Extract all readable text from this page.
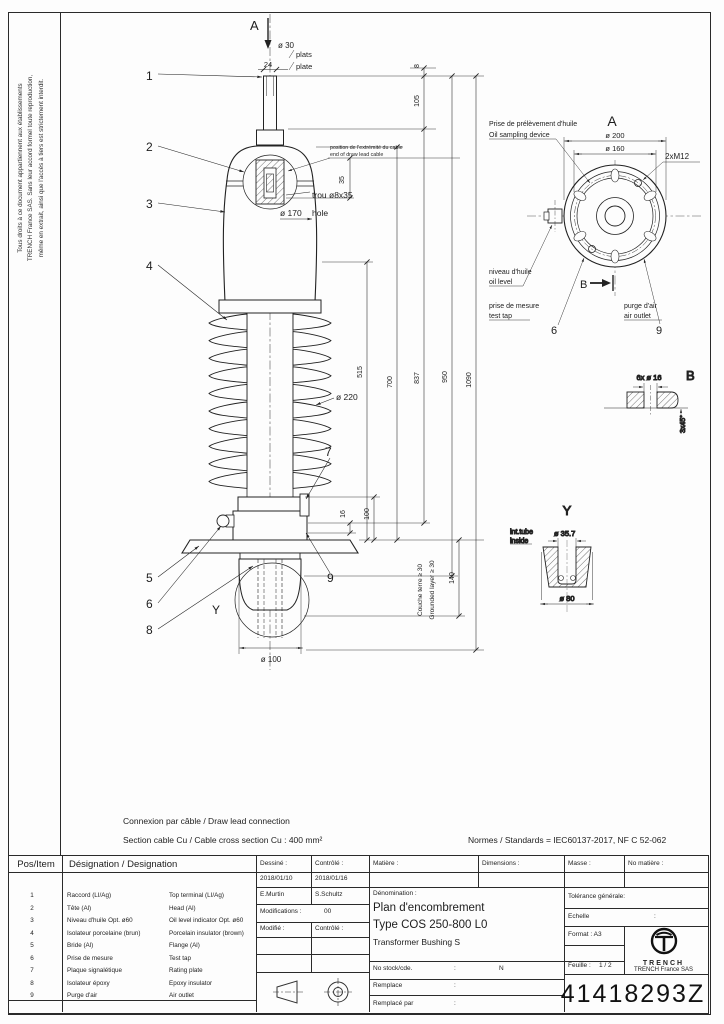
Tous droits à ce document appartiennent aux établissements TRENCH France SAS. Sans leur accord formel toute reproduction, même en extrait, ainsi que l'accès à tiers est strictement interdit.
A
ø 30
24
plats
plate
position de l'extrémité du cable
end of draw lead cable
35
trou ø8x35
hole
ø 170
ø 220
8
105
515
700	837	950 1090
16 100
140
Couche terre ≥ 30 Grounded layer ≥ 30
ø 100
Y
1
2
3
4
5
6
8
7
9
A
Prise de prélèvement d'huile
Oil sampling device	ø 200
ø 160
2xM12
niveau d'huile
oil level	B
prise de mesure
test tap
purge d'air
air outlet
6	9
6x ø 16 B
3x45°
Y
int.tube
inside
ø 35.7
ø 80
Connexion par câble / Draw lead connection
Section cable Cu / Cable cross section Cu : 400 mm²	Normes / Standards = IEC60137-2017, NF C 52-062
Pos/Item	Désignation / Designation	Dessiné :	Contrôlé :	Matière :	Dimensions :	Masse :	No matière :
2018/01/10	2018/01/16
E.Murtin	S.Schultz
Modifications :	00
Modifié :	Contrôlé :
Dénomination :
Plan d'encombrement
Type COS 250-800 L0
Transformer Bushing S
No stock/cde.	:	N
Remplace	:
Remplacé par	:
Tolérance générale:
Echelle	:
Format : A3
Feuille : 1 / 2	TRENCH
TRENCH France SAS
41418293Z
1	Raccord (LI/Ag)	Top terminal (LI/Ag)
2	Tête (Al)	Head (Al)
3	Niveau d'huile Opt. ø60	Oil level indicator Opt. ø60
4	Isolateur porcelaine (brun)	Porcelain insulator (brown)
5	Bride (Al)	Flange (Al)
6	Prise de mesure	Test tap
7	Plaque signalétique	Rating plate
8	Isolateur époxy	Epoxy insulator
9	Purge d'air	Air outlet
